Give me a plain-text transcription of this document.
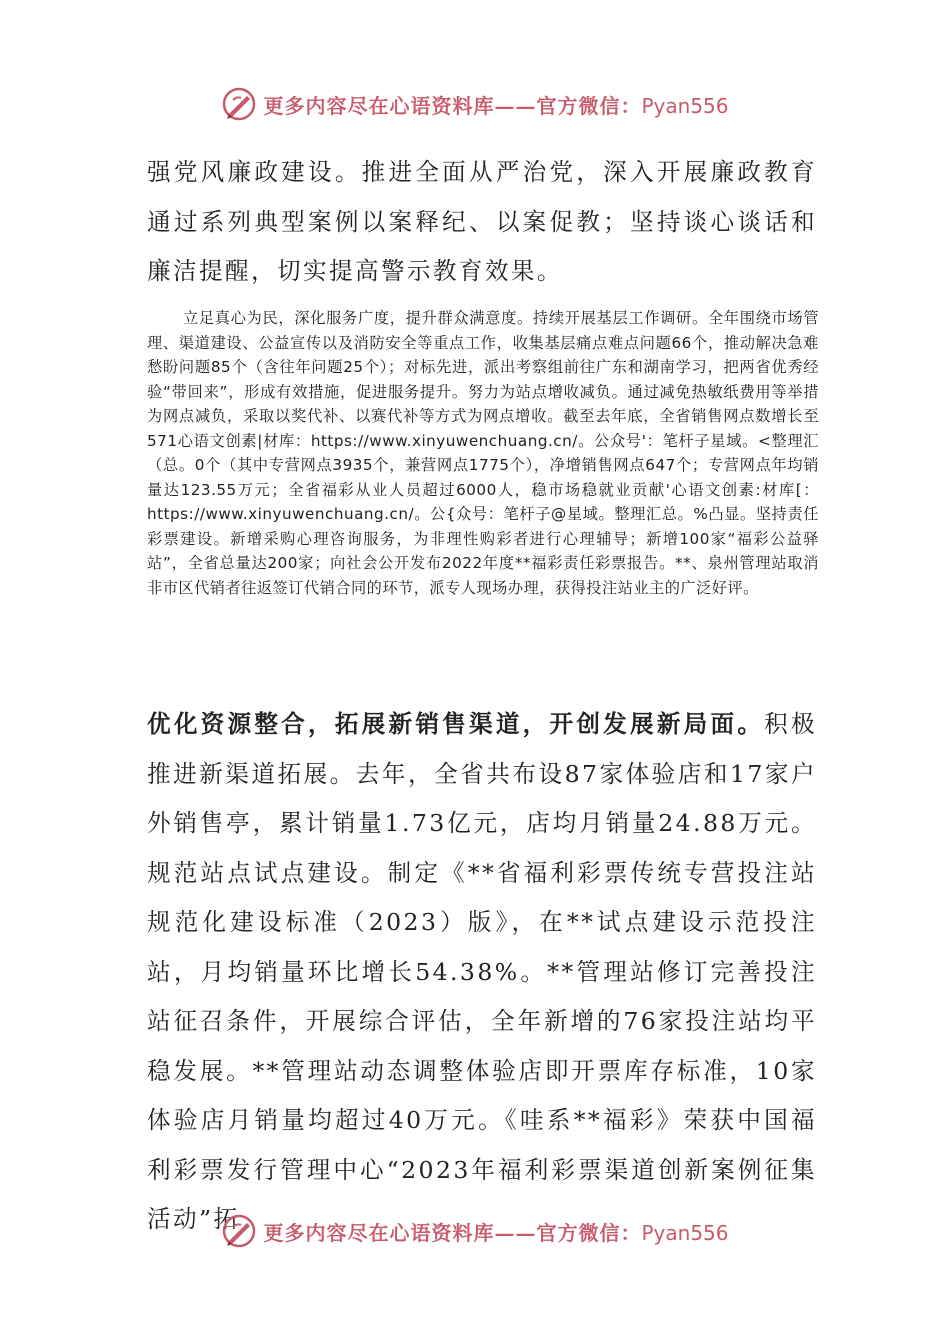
更多内容尽在心语资料库——官方微信：Pyan556
强党风廉政建设。推进全面从严治党，深入开展廉政教育通过系列典型案例以案释纪、以案促教；坚持谈心谈话和廉洁提醒，切实提高警示教育效果。
立足真心为民，深化服务广度，提升群众满意度。持续开展基层工作调研。全年围绕市场管理、渠道建设、公益宣传以及消防安全等重点工作，收集基层痛点难点问题66个，推动解决急难愁盼问题85个（含往年问题25个）；对标先进，派出考察组前往广东和湖南学习，把两省优秀经验“带回来”，形成有效措施，促进服务提升。努力为站点增收减负。通过减免热敏纸费用等举措为网点减负，采取以奖代补、以赛代补等方式为网点增收。截至去年底，全省销售网点数增长至571心语文创素|材库：https://www.xinyuwenchuang.cn/。公众号'：笔杆子星域。<整理汇（总。0个（其中专营网点3935个，兼营网点1775个），净增销售网点647个；专营网点年均销量达123.55万元；全省福彩从业人员超过6000人，稳市场稳就业贡献'心语文创素:材库[：https://www.xinyuwenchuang.cn/。公{众号：笔杆子@星域。整理汇总。%凸显。坚持责任彩票建设。新增采购心理咨询服务，为非理性购彩者进行心理辅导；新增100家“福彩公益驿站”，全省总量达200家；向社会公开发布2022年度**福彩责任彩票报告。**、泉州管理站取消非市区代销者往返签订代销合同的环节，派专人现场办理，获得投注站业主的广泛好评。
优化资源整合，拓展新销售渠道，开创发展新局面。积极推进新渠道拓展。去年，全省共布设87家体验店和17家户外销售亭，累计销量1.73亿元，店均月销量24.88万元。规范站点试点建设。制定《**省福利彩票传统专营投注站规范化建设标准（2023）版》，在**试点建设示范投注站，月均销量环比增长54.38%。**管理站修订完善投注站征召条件，开展综合评估，全年新增的76家投注站均平稳发展。**管理站动态调整体验店即开票库存标准，10家体验店月销量均超过40万元。《哇系**福彩》荣获中国福利彩票发行管理中心“2023年福利彩票渠道创新案例征集活动”拓	更多内容尽在心语资料库——官方微信：Pyan556
